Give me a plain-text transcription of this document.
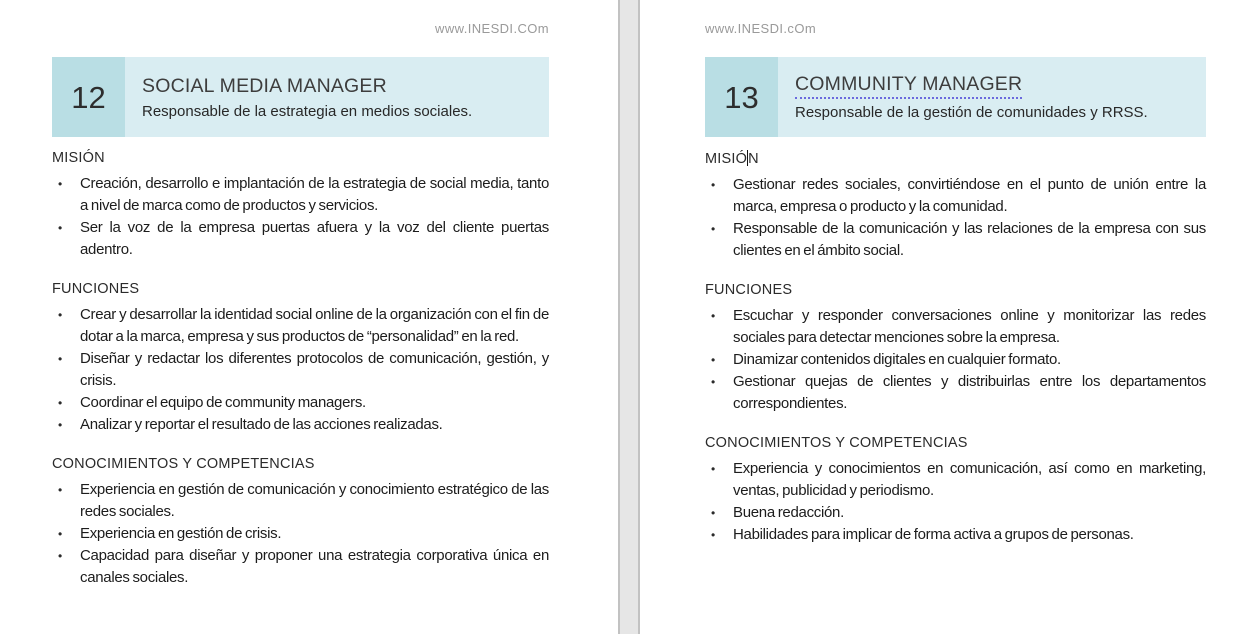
www.INESDI.COm
12	SOCIAL MEDIA MANAGER
Responsable de la estrategia en medios sociales.
MISIÓN
•	Creación, desarrollo e implantación de la estrategia de social media, tanto a nivel de marca como de productos y servicios.
•	Ser la voz de la empresa puertas afuera y la voz del cliente puertas adentro.
FUNCIONES
•	Crear y desarrollar la identidad social online de la organización con el fin de dotar a la marca, empresa y sus productos de “personalidad” en la red.
•	Diseñar y redactar los diferentes protocolos de comunicación, gestión, y crisis.
•	Coordinar el equipo de community managers.
•	Analizar y reportar el resultado de las acciones realizadas.
CONOCIMIENTOS Y COMPETENCIAS
•	Experiencia en gestión de comunicación y conocimiento estratégico de las redes sociales.
•	Experiencia en gestión de crisis.
•	Capacidad para diseñar y proponer una estrategia corporativa única en canales sociales.
www.INESDI.cOm
13	COMMUNITY MANAGER
Responsable de la gestión de comunidades y RRSS.
MISIÓN
•	Gestionar redes sociales, convirtiéndose en el punto de unión entre la marca, empresa o producto y la comunidad.
•	Responsable de la comunicación y las relaciones de la empresa con sus clientes en el ámbito social.
FUNCIONES
•	Escuchar y responder conversaciones online y monitorizar las redes sociales para detectar menciones sobre la empresa.
•	Dinamizar contenidos digitales en cualquier formato.
•	Gestionar quejas de clientes y distribuirlas entre los departamentos correspondientes.
CONOCIMIENTOS Y COMPETENCIAS
•	Experiencia y conocimientos en comunicación, así como en marketing, ventas, publicidad y periodismo.
•	Buena redacción.
•	Habilidades para implicar de forma activa a grupos de personas.
